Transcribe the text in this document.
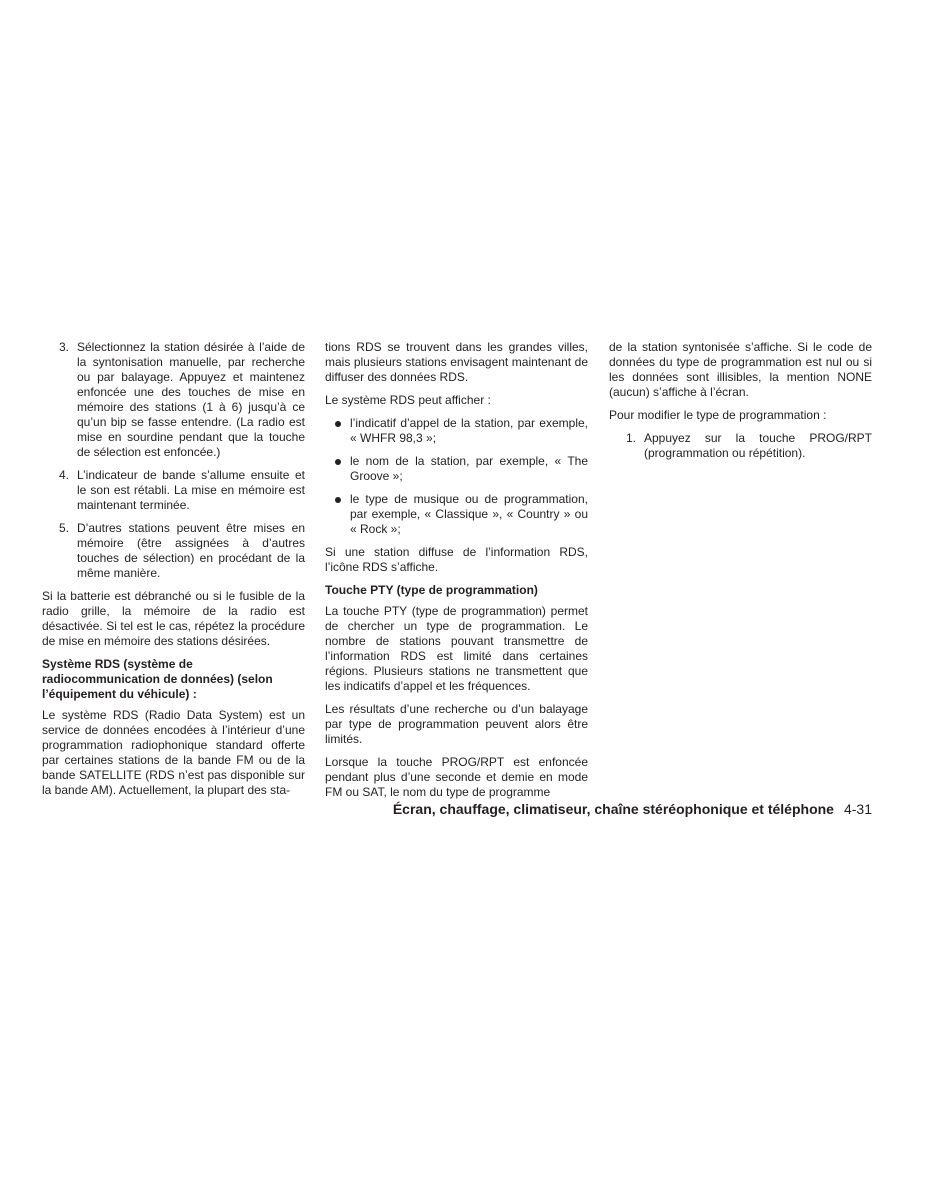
3. Sélectionnez la station désirée à l’aide de la syntonisation manuelle, par recherche ou par balayage. Appuyez et maintenez enfoncée une des touches de mise en mémoire des stations (1 à 6) jusqu’à ce qu’un bip se fasse entendre. (La radio est mise en sourdine pendant que la touche de sélection est enfoncée.)
4. L’indicateur de bande s’allume ensuite et le son est rétabli. La mise en mémoire est maintenant terminée.
5. D’autres stations peuvent être mises en mémoire (être assignées à d’autres touches de sélection) en procédant de la même manière.

Si la batterie est débranché ou si le fusible de la radio grille, la mémoire de la radio est désactivée. Si tel est le cas, répétez la procédure de mise en mémoire des stations désirées.

Système RDS (système de radiocommunication de données) (selon l’équipement du véhicule) :

Le système RDS (Radio Data System) est un service de données encodées à l’intérieur d’une programmation radiophonique standard offerte par certaines stations de la bande FM ou de la bande SATELLITE (RDS n’est pas disponible sur la bande AM). Actuellement, la plupart des sta-

tions RDS se trouvent dans les grandes villes, mais plusieurs stations envisagent maintenant de diffuser des données RDS.

Le système RDS peut afficher :

l’indicatif d’appel de la station, par exemple, « WHFR 98,3 »;
le nom de la station, par exemple, « The Groove »;
le type de musique ou de programmation, par exemple, « Classique », « Country » ou « Rock »;

Si une station diffuse de l’information RDS, l’icône RDS s’affiche.

Touche PTY (type de programmation)

La touche PTY (type de programmation) permet de chercher un type de programmation. Le nombre de stations pouvant transmettre de l’information RDS est limité dans certaines régions. Plusieurs stations ne transmettent que les indicatifs d’appel et les fréquences.

Les résultats d’une recherche ou d’un balayage par type de programmation peuvent alors être limités.

Lorsque la touche PROG/RPT est enfoncée pendant plus d’une seconde et demie en mode FM ou SAT, le nom du type de programme

de la station syntonisée s’affiche. Si le code de données du type de programmation est nul ou si les données sont illisibles, la mention NONE (aucun) s’affiche à l’écran.

Pour modifier le type de programmation :

1. Appuyez sur la touche PROG/RPT (programmation ou répétition).
Écran, chauffage, climatiseur, chaîne stéréophonique et téléphone 4-31
